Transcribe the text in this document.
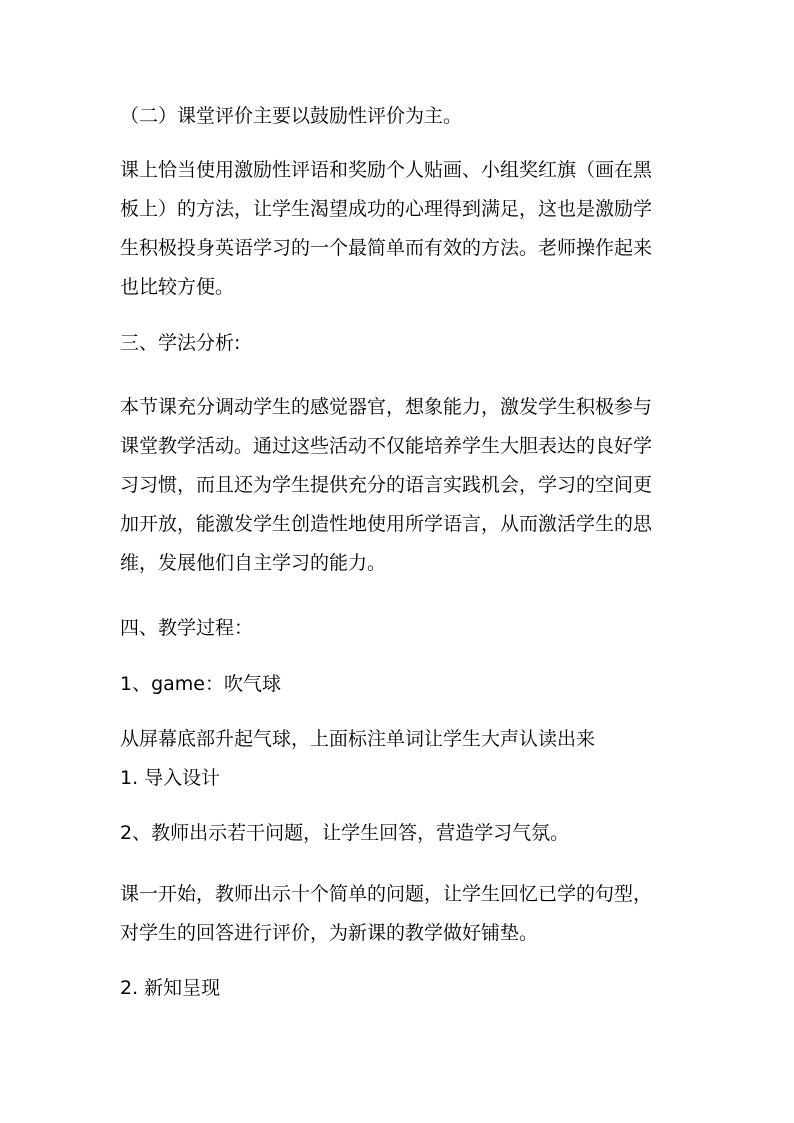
（二）课堂评价主要以鼓励性评价为主。
课上恰当使用激励性评语和奖励个人贴画、小组奖红旗（画在黑
板上）的方法，让学生渴望成功的心理得到满足，这也是激励学
生积极投身英语学习的一个最简单而有效的方法。老师操作起来
也比较方便。
三、学法分析:
本节课充分调动学生的感觉器官，想象能力，激发学生积极参与
课堂教学活动。通过这些活动不仅能培养学生大胆表达的良好学
习习惯，而且还为学生提供充分的语言实践机会，学习的空间更
加开放，能激发学生创造性地使用所学语言，从而激活学生的思
维，发展他们自主学习的能力。
四、教学过程：
1、game：吹气球
从屏幕底部升起气球，上面标注单词让学生大声认读出来
1. 导入设计
2、教师出示若干问题，让学生回答，营造学习气氛。
课一开始，教师出示十个简单的问题，让学生回忆已学的句型，
对学生的回答进行评价，为新课的教学做好铺垫。
2. 新知呈现
